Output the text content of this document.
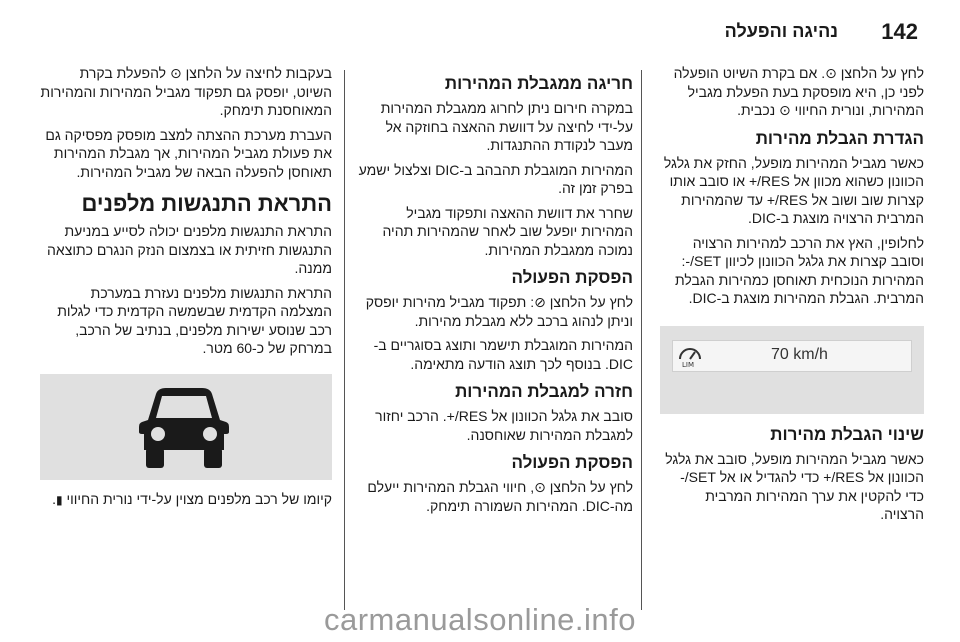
142
נהיגה והפעלה

לחץ על הלחצן ⊙. אם בקרת השיוט הופעלה לפני כן, היא מופסקת בעת הפעלת מגביל המהירות, ונורית החיווי ⊙ נכבית.

הגדרת הגבלת מהירות

כאשר מגביל המהירות מופעל, החזק את גלגל הכוונון כשהוא מכוון אל RES/+ או סובב אותו קצרות שוב ושוב אל RES/+ עד שהמהירות המרבית הרצויה מוצגת ב-DIC.

לחלופין, האץ את הרכב למהירות הרצויה וסובב קצרות את גלגל הכוונון לכיוון SET/-: המהירות הנוכחית תאוחסן כמהירות הגבלת המרבית. הגבלת המהירות מוצגת ב-DIC.

LIM
70 km/h
שינוי הגבלת מהירות

כאשר מגביל המהירות מופעל, סובב את גלגל הכוונון אל RES/+ כדי להגדיל או אל SET/- כדי להקטין את ערך המהירות המרבית הרצויה.

חריגה ממגבלת המהירות

במקרה חירום ניתן לחרוג ממגבלת המהירות על-ידי לחיצה על דוושת ההאצה בחוזקה אל מעבר לנקודת ההתנגדות.

המהירות המוגבלת תהבהב ב-DIC וצלצול ישמע בפרק זמן זה.

שחרר את דוושת ההאצה ותפקוד מגביל המהירות יופעל שוב לאחר שהמהירות תהיה נמוכה ממגבלת המהירות.

הפסקת הפעולה

לחץ על הלחצן ⊘: תפקוד מגביל מהירות יופסק וניתן לנהוג ברכב ללא מגבלת מהירות.

המהירות המוגבלת תישמר ותוצג בסוגריים ב-DIC. בנוסף לכך תוצג הודעה מתאימה.

חזרה למגבלת המהירות

סובב את גלגל הכוונון אל RES/+. הרכב יחזור למגבלת המהירות שאוחסנה.

הפסקת הפעולה

לחץ על הלחצן ⊙, חיווי הגבלת המהירות ייעלם מה-DIC. המהירות השמורה תימחק.

בעקבות לחיצה על הלחצן ⊙ להפעלת בקרת השיוט, יופסק גם תפקוד מגביל המהירות והמהירות המאוחסנת תימחק.

העברת מערכת ההצתה למצב מופסק מפסיקה גם את פעולת מגביל המהירות, אך מגבלת המהירות תאוחסן להפעלה הבאה של מגביל המהירות.

התראת התנגשות מלפנים

התראת התנגשות מלפנים יכולה לסייע במניעת התנגשות חזיתית או בצמצום הנזק הנגרם כתוצאה ממנה.

התראת התנגשות מלפנים נעזרת במערכת המצלמה הקדמית שבשמשה הקדמית כדי לגלות רכב שנוסע ישירות מלפנים, בנתיב של הרכב, במרחק של כ-60 מטר.

קיומו של רכב מלפנים מצוין על-ידי נורית החיווי ▮.

carmanualsonline.info
